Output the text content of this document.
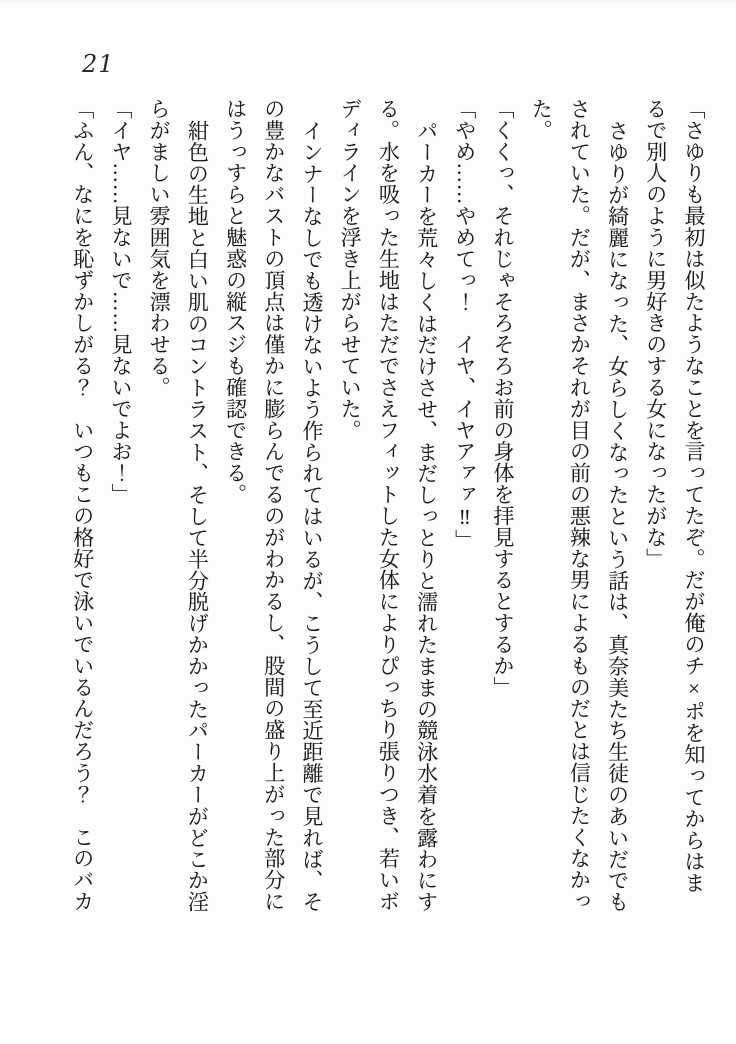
21

「さゆりも最初は似たようなことを言ってたぞ。だが俺のチ×ポを知ってからはまるで別人のように男好きのする女になったがな」

さゆりが綺麗になった、女らしくなったという話は、真奈美たち生徒のあいだでもされていた。だが、まさかそれが目の前の悪辣な男によるものだとは信じたくなかった。

「くくっ、それじゃそろそろお前の身体を拝見するとするか」

「やめ……やめてっ！　イヤ、イヤアァァ‼」

パーカーを荒々しくはだけさせ、まだしっとりと濡れたままの競泳水着を露わにする。水を吸った生地はただでさえフィットした女体によりぴっちり張りつき、若いボディラインを浮き上がらせていた。

インナーなしでも透けないよう作られてはいるが、こうして至近距離で見れば、その豊かなバストの頂点は僅かに膨らんでるのがわかるし、股間の盛り上がった部分にはうっすらと魅惑の縦スジも確認できる。

紺色の生地と白い肌のコントラスト、そして半分脱げかかったパーカーがどこか淫らがましい雰囲気を漂わせる。

「イヤ……見ないで……見ないでよお！」

「ふん、なにを恥ずかしがる？　いつもこの格好で泳いでいるんだろう？　このバカ
